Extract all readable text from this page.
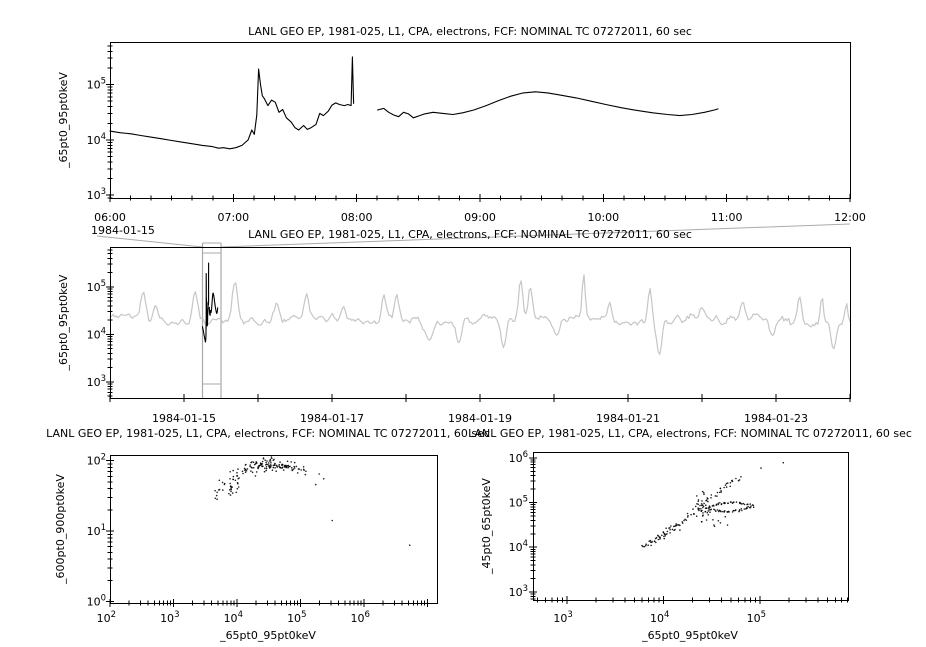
LANL GEO EP, 1981-025, L1, CPA, electrons, FCF: NOMINAL TC 07272011, 60 sec
06:00	07:00	08:00	09:00	10:00	11:00	12:00
1984-01-15
$10^3$
$10^4$
$10^5$
_65pt0_95pt0keV
LANL GEO EP, 1981-025, L1, CPA, electrons, FCF: NOMINAL TC 07272011, 60 sec
1984-01-15	1984-01-17	1984-01-19	1984-01-21	1984-01-23
$10^3$
$10^4$
$10^5$
_65pt0_95pt0keV
LANL GEO EP, 1981-025, L1, CPA, electrons, FCF: NOMINAL TC 07272011, 60 sec
$10^2$	$10^3$	$10^4$	$10^5$	$10^6$
$10^0$
$10^1$
$10^2$
_65pt0_95pt0keV
_600pt0_900pt0keV
LANL GEO EP, 1981-025, L1, CPA, electrons, FCF: NOMINAL TC 07272011, 60 sec
$10^3$	$10^4$	$10^5$
$10^3$
$10^4$
$10^5$
$10^6$
_65pt0_95pt0keV
_45pt0_65pt0keV
